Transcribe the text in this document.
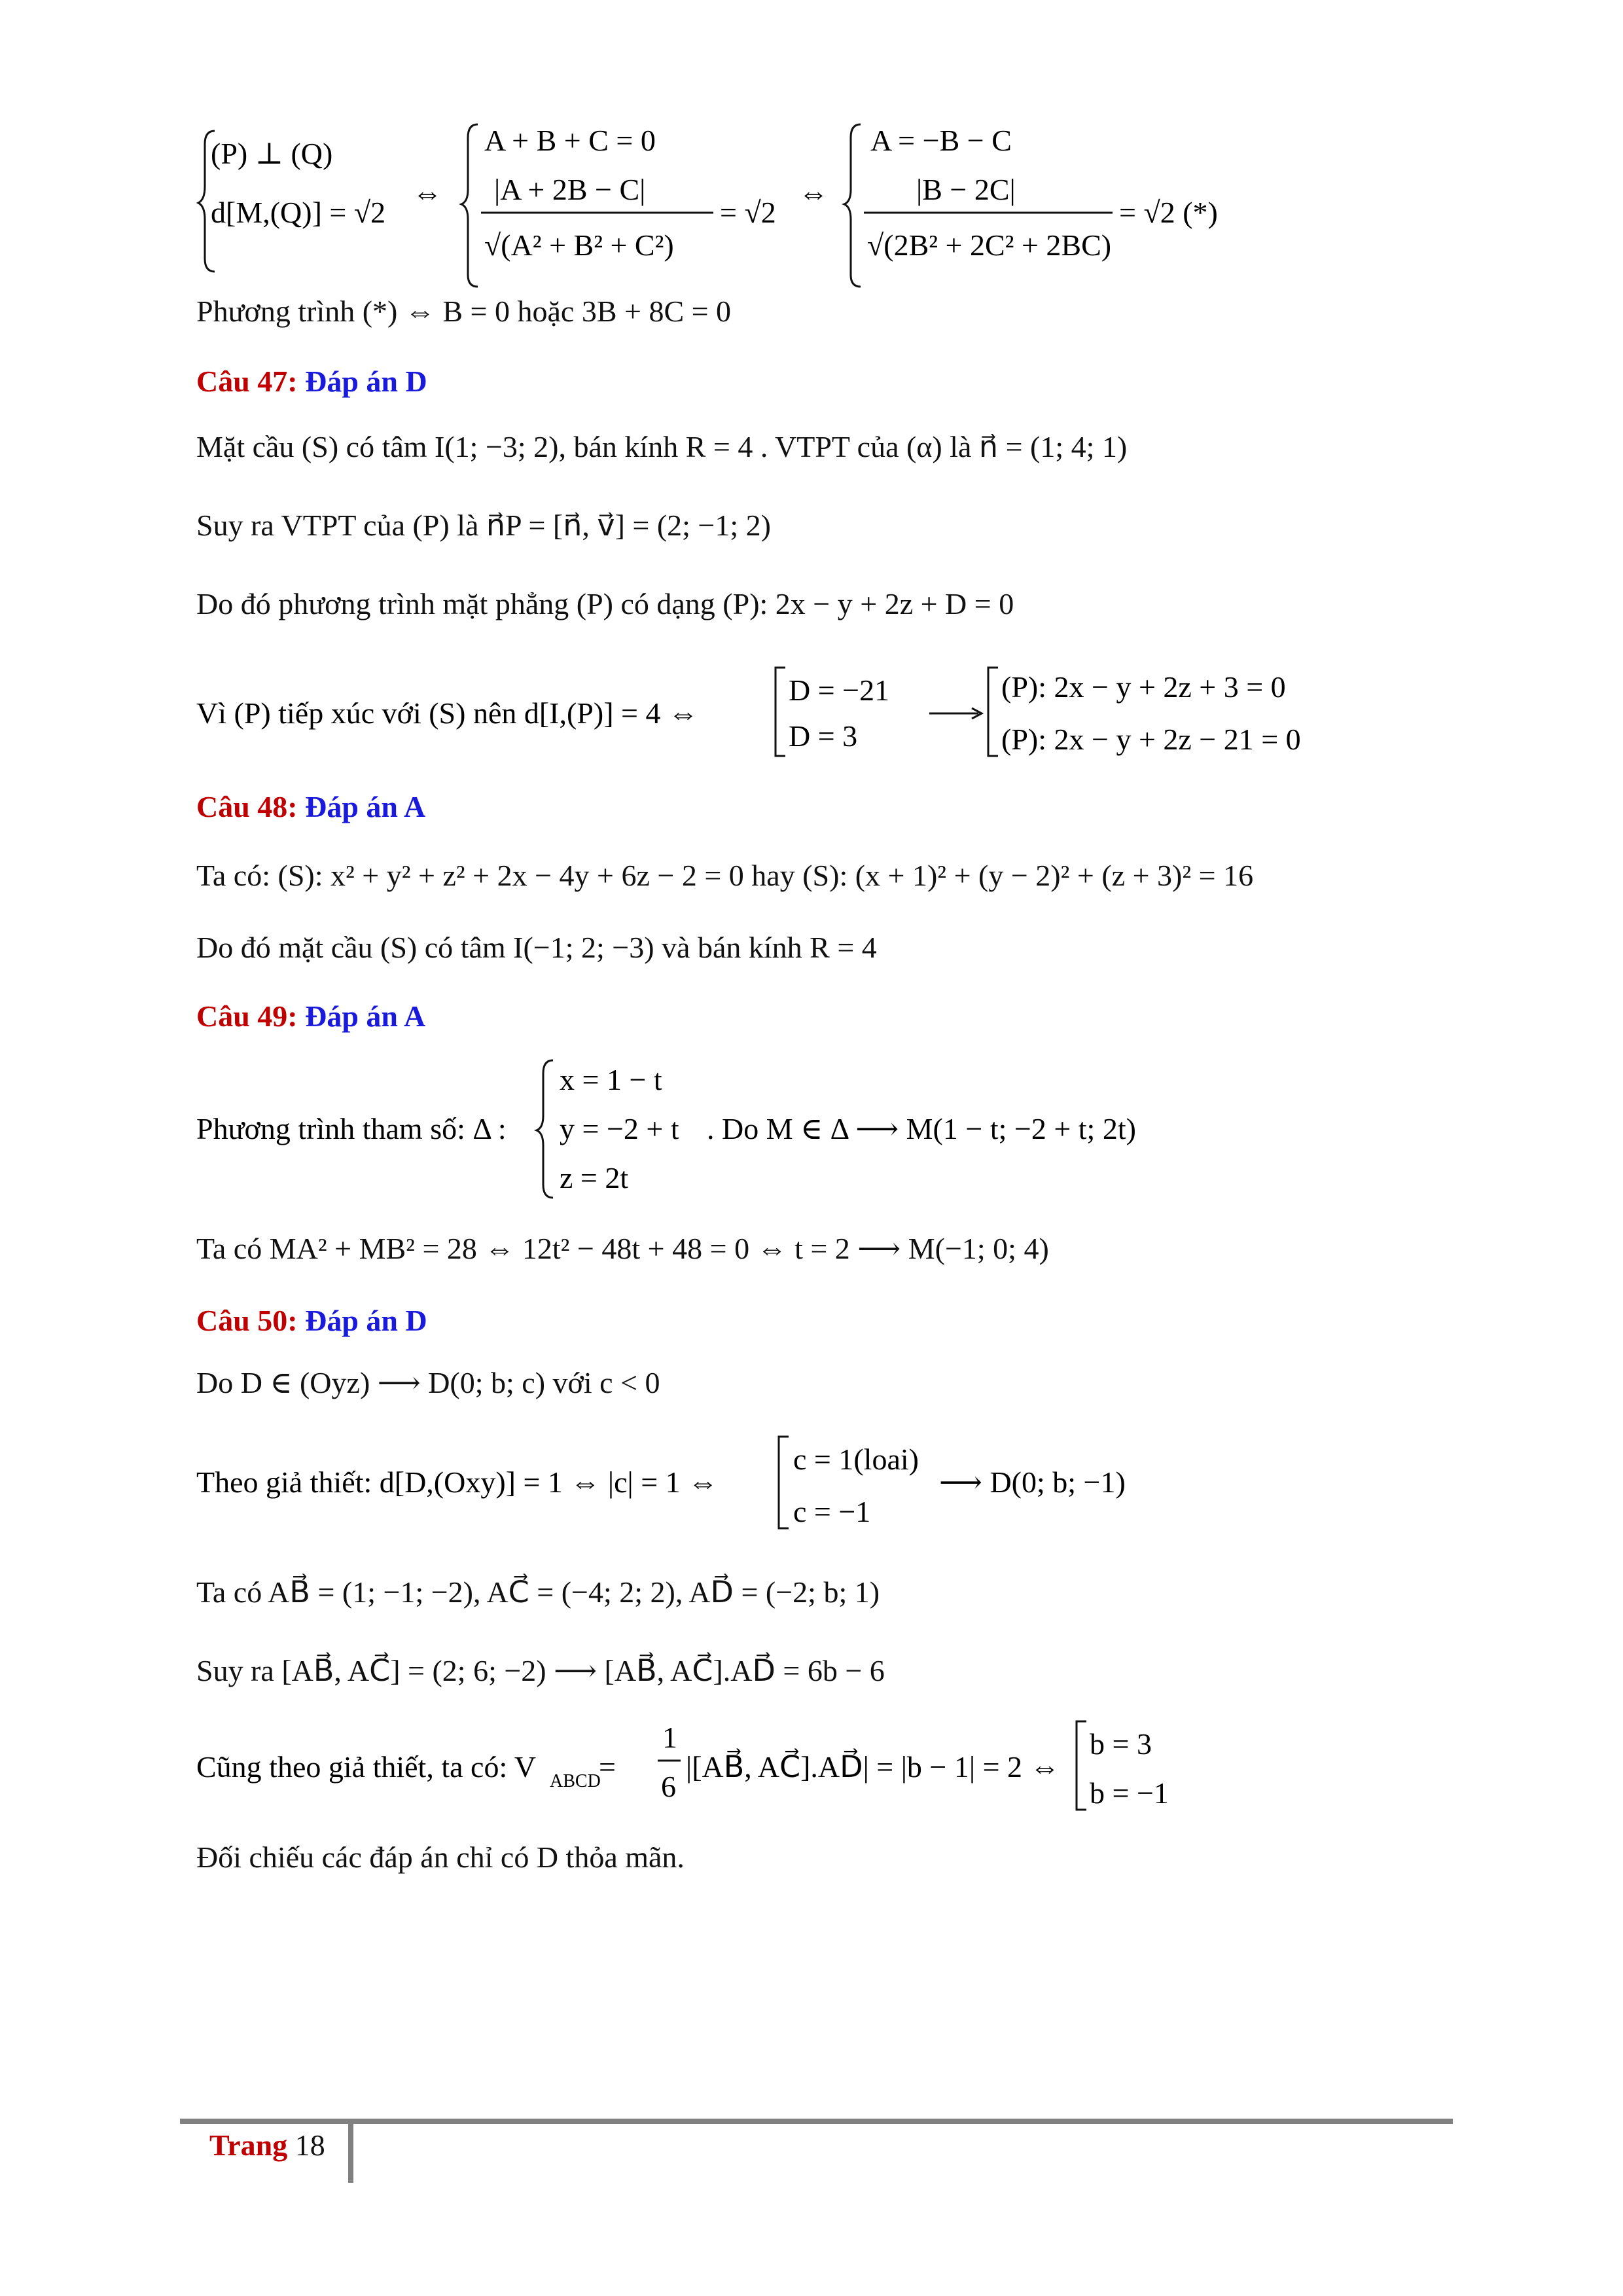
(P) ⊥ (Q)
d[M,(Q)] = √2
⇔
A + B + C = 0
|A + 2B − C|
√(A² + B² + C²)
= √2
⇔
A = −B − C
|B − 2C|
√(2B² + 2C² + 2BC)
= √2 (*)
Phương trình (*) ⇔ B = 0 hoặc 3B + 8C = 0
Câu 47: Đáp án D
Mặt cầu (S) có tâm I(1; −3; 2), bán kính R = 4 . VTPT của (α) là n⃗ = (1; 4; 1)
Suy ra VTPT của (P) là n⃗P = [n⃗, v⃗] = (2; −1; 2)
Do đó phương trình mặt phẳng (P) có dạng (P): 2x − y + 2z + D = 0
Vì (P) tiếp xúc với (S) nên d[I,(P)] = 4 ⇔
D = −21
D = 3
(P): 2x − y + 2z + 3 = 0
(P): 2x − y + 2z − 21 = 0
Câu 48: Đáp án A
Ta có: (S): x² + y² + z² + 2x − 4y + 6z − 2 = 0 hay (S): (x + 1)² + (y − 2)² + (z + 3)² = 16
Do đó mặt cầu (S) có tâm I(−1; 2; −3) và bán kính R = 4
Câu 49: Đáp án A
Phương trình tham số: Δ :
x = 1 − t
y = −2 + t
z = 2t
. Do M ∈ Δ ⟶ M(1 − t; −2 + t; 2t)
Ta có MA² + MB² = 28 ⇔ 12t² − 48t + 48 = 0 ⇔ t = 2 ⟶ M(−1; 0; 4)
Câu 50: Đáp án D
Do D ∈ (Oyz) ⟶ D(0; b; c) với c < 0
Theo giả thiết: d[D,(Oxy)] = 1 ⇔ |c| = 1 ⇔
c = 1(loai)
c = −1
⟶ D(0; b; −1)
Ta có AB⃗ = (1; −1; −2), AC⃗ = (−4; 2; 2), AD⃗ = (−2; b; 1)
Suy ra [AB⃗, AC⃗] = (2; 6; −2) ⟶ [AB⃗, AC⃗].AD⃗ = 6b − 6
Cũng theo giả thiết, ta có: V ABCD
=
1
6
|[AB⃗, AC⃗].AD⃗| = |b − 1| = 2 ⇔
b = 3
b = −1
Đối chiếu các đáp án chỉ có D thỏa mãn.
Trang 18
